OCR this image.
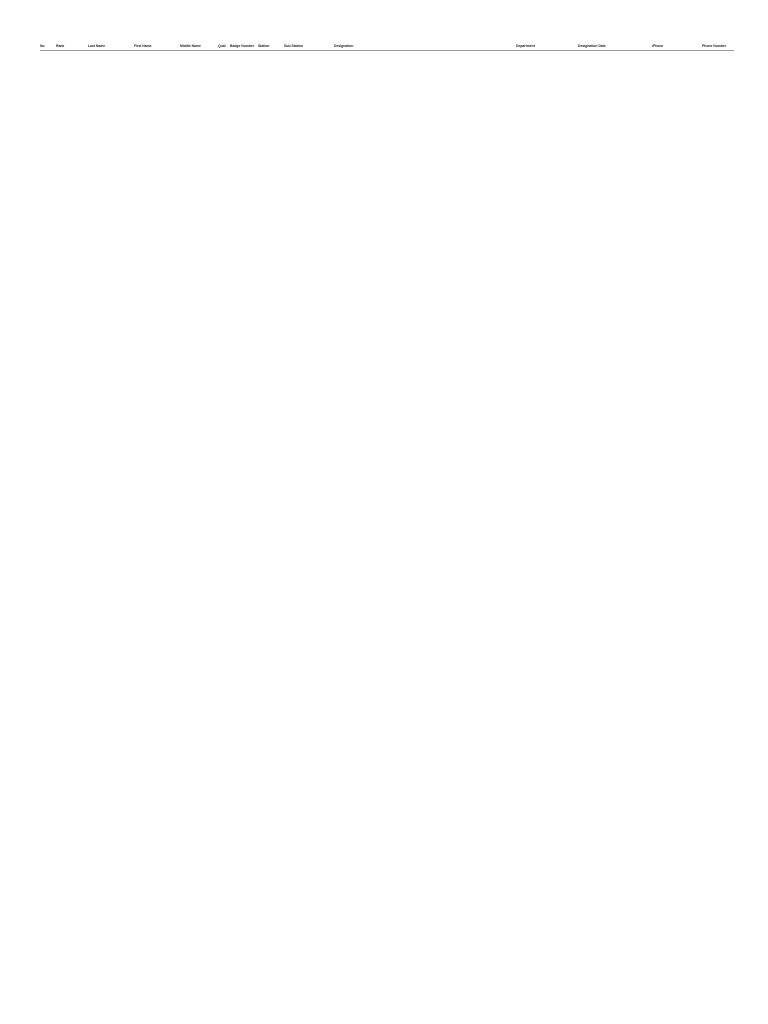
No	Rank	Last Name	First Name	Middle Name	Qual	Badge Number	Station	Sub-Station	Designation	Department	Designation Date	iPhone	Phone Number
